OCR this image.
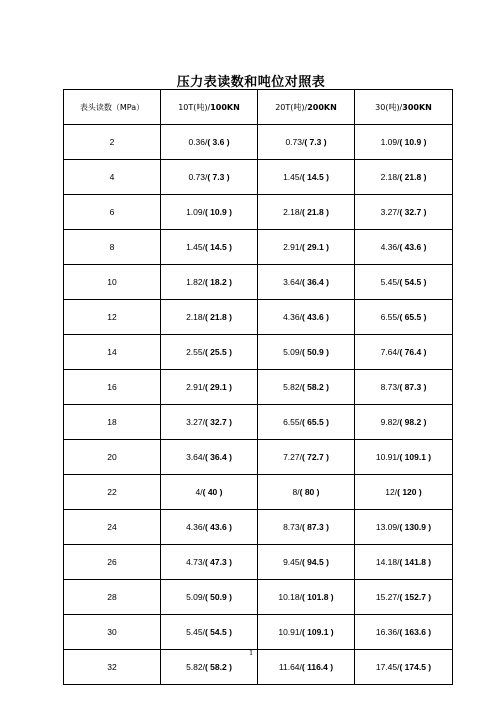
压力表读数和吨位对照表
表头读数（MPa）	10T(吨)/100KN	20T(吨)/200KN	30(吨)/300KN
2	0.36/( 3.6 )	0.73/( 7.3 )	1.09/( 10.9 )
4	0.73/( 7.3 )	1.45/( 14.5 )	2.18/( 21.8 )
6	1.09/( 10.9 )	2.18/( 21.8 )	3.27/( 32.7 )
8	1.45/( 14.5 )	2.91/( 29.1 )	4.36/( 43.6 )
10	1.82/( 18.2 )	3.64/( 36.4 )	5.45/( 54.5 )
12	2.18/( 21.8 )	4.36/( 43.6 )	6.55/( 65.5 )
14	2.55/( 25.5 )	5.09/( 50.9 )	7.64/( 76.4 )
16	2.91/( 29.1 )	5.82/( 58.2 )	8.73/( 87.3 )
18	3.27/( 32.7 )	6.55/( 65.5 )	9.82/( 98.2 )
20	3.64/( 36.4 )	7.27/( 72.7 )	10.91/( 109.1 )
22	4/( 40 )	8/( 80 )	12/( 120 )
24	4.36/( 43.6 )	8.73/( 87.3 )	13.09/( 130.9 )
26	4.73/( 47.3 )	9.45/( 94.5 )	14.18/( 141.8 )
28	5.09/( 50.9 )	10.18/( 101.8 )	15.27/( 152.7 )
30	5.45/( 54.5 )	10.91/( 109.1 )	16.36/( 163.6 )
32	5.82/( 58.2 )	11.64/( 116.4 )	17.45/( 174.5 )
1
